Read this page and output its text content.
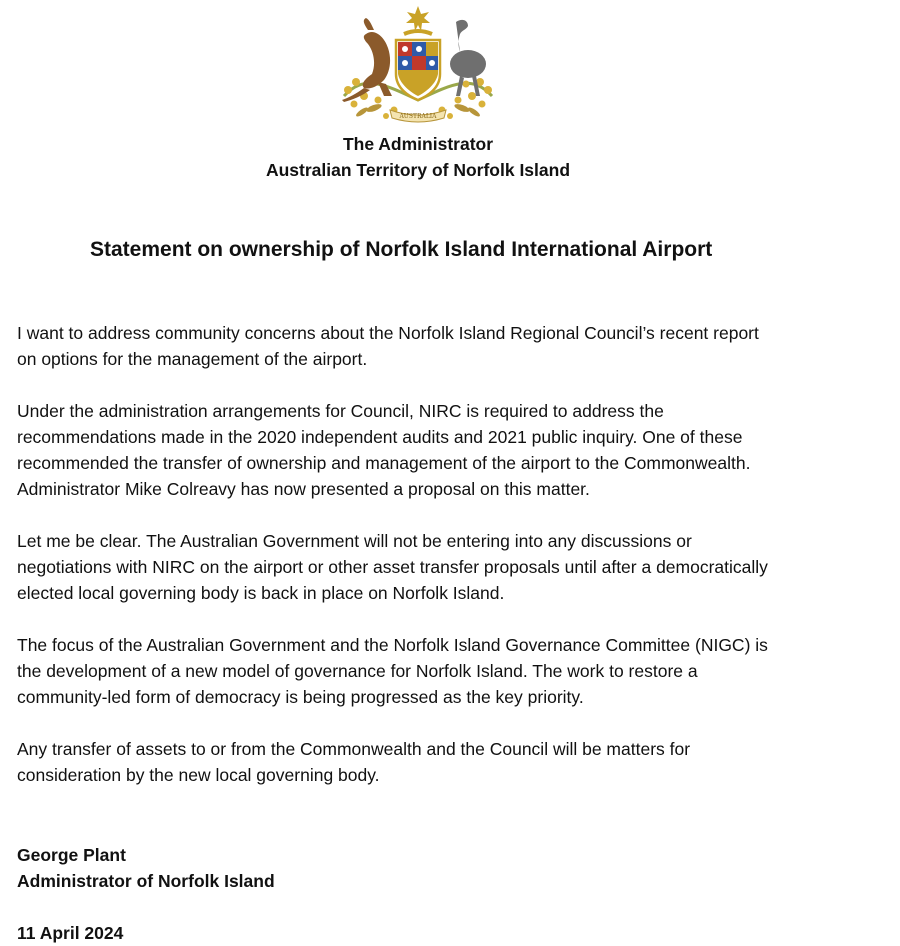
AUSTRALIA
The Administrator
Australian Territory of Norfolk Island
Statement on ownership of Norfolk Island International Airport

I want to address community concerns about the Norfolk Island Regional Council’s recent report
on options for the management of the airport.

Under the administration arrangements for Council, NIRC is required to address the
recommendations made in the 2020 independent audits and 2021 public inquiry. One of these
recommended the transfer of ownership and management of the airport to the Commonwealth.
Administrator Mike Colreavy has now presented a proposal on this matter.

Let me be clear. The Australian Government will not be entering into any discussions or
negotiations with NIRC on the airport or other asset transfer proposals until after a democratically
elected local governing body is back in place on Norfolk Island.

The focus of the Australian Government and the Norfolk Island Governance Committee (NIGC) is
the development of a new model of governance for Norfolk Island. The work to restore a
community-led form of democracy is being progressed as the key priority.

Any transfer of assets to or from the Commonwealth and the Council will be matters for
consideration by the new local governing body.

George Plant
Administrator of Norfolk Island
11 April 2024
